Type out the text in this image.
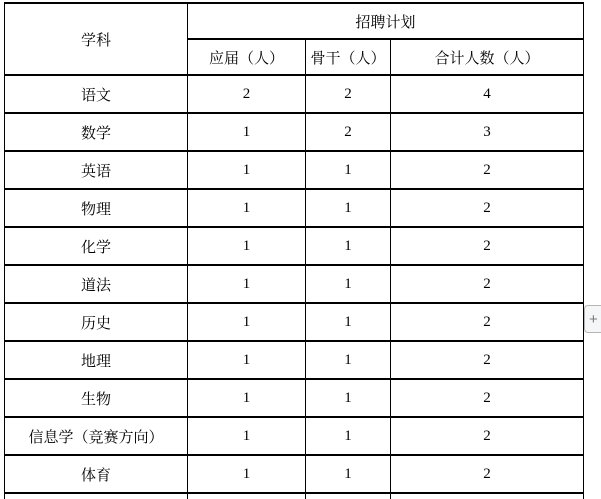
学科	招聘计划		
	应届（人）	骨干（人）	合计人数（人）
语文	2	2	4
数学	1	2	3
英语	1	1	2
物理	1	1	2
化学	1	1	2
道法	1	1	2
历史	1	1	2
地理	1	1	2
生物	1	1	2
信息学（竞赛方向）	1	1	2
体育	1	1	2

+
